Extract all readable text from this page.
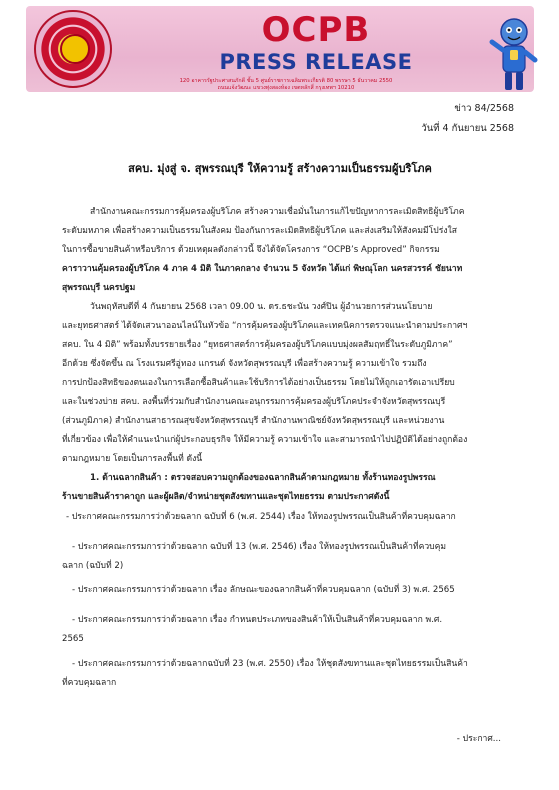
OCPB
PRESS RELEASE
120 อาคารรัฐประศาสนภักดี ชั้น 5 ศูนย์ราชการเฉลิมพระเกียรติ 80 พรรษา 5 ธันวาคม 2550
ถนนแจ้งวัฒนะ แขวงทุ่งสองห้อง เขตหลักสี่ กรุงเทพฯ 10210
ข่าว 84/2568
วันที่ 4 กันยายน 2568
สคบ. มุ่งสู่ จ. สุพรรณบุรี ให้ความรู้ สร้างความเป็นธรรมผู้บริโภค
สำนักงานคณะกรรมการคุ้มครองผู้บริโภค สร้างความเชื่อมั่นในการแก้ไขปัญหาการละเมิดสิทธิผู้บริโภค
ระดับมหภาค เพื่อสร้างความเป็นธรรมในสังคม ป้องกันการละเมิดสิทธิผู้บริโภค และส่งเสริมให้สังคมมีโปร่งใส
ในการซื้อขายสินค้าหรือบริการ ด้วยเหตุผลดังกล่าวนี้ จึงได้จัดโครงการ “OCPB’s Approved” กิจกรรม
คาราวานคุ้มครองผู้บริโภค 4 ภาค 4 มิติ ในภาคกลาง จำนวน 5 จังหวัด ได้แก่ พิษณุโลก นครสวรรค์ ชัยนาท
สุพรรณบุรี นครปฐม
วันพฤหัสบดีที่ 4 กันยายน 2568 เวลา 09.00 น. ดร.ธชะนัน วงศ์ปิน ผู้อำนวยการส่วนนโยบาย
และยุทธศาสตร์ ได้จัดเสวนาออนไลน์ในหัวข้อ “การคุ้มครองผู้บริโภคและเทคนิคการตรวจแนะนำตามประกาศฯ
สคบ. ใน 4 มิติ” พร้อมทั้งบรรยายเรื่อง “ยุทธศาสตร์การคุ้มครองผู้บริโภคแบบมุ่งผลสัมฤทธิ์ในระดับภูมิภาค”
อีกด้วย ซึ่งจัดขึ้น ณ โรงแรมศรีอู่ทอง แกรนด์ จังหวัดสุพรรณบุรี เพื่อสร้างความรู้ ความเข้าใจ รวมถึง
การปกป้องสิทธิของตนเองในการเลือกซื้อสินค้าและใช้บริการได้อย่างเป็นธรรม โดยไม่ให้ถูกเอารัดเอาเปรียบ
และในช่วงบ่าย สคบ. ลงพื้นที่ร่วมกับสำนักงานคณะอนุกรรมการคุ้มครองผู้บริโภคประจำจังหวัดสุพรรณบุรี
(ส่วนภูมิภาค) สำนักงานสาธารณสุขจังหวัดสุพรรณบุรี สำนักงานพาณิชย์จังหวัดสุพรรณบุรี และหน่วยงาน
ที่เกี่ยวข้อง เพื่อให้คำแนะนำแก่ผู้ประกอบธุรกิจ ให้มีความรู้ ความเข้าใจ และสามารถนำไปปฏิบัติได้อย่างถูกต้อง
ตามกฎหมาย โดยเป็นการลงพื้นที่ ดังนี้
1. ด้านฉลากสินค้า : ตรวจสอบความถูกต้องของฉลากสินค้าตามกฎหมาย ทั้งร้านทองรูปพรรณ
ร้านขายสินค้าราคาถูก และผู้ผลิต/จำหน่ายชุดสังฆทานและชุดไทยธรรม ตามประกาศดังนี้
- ประกาศคณะกรรมการว่าด้วยฉลาก ฉบับที่ 6 (พ.ศ. 2544) เรื่อง ให้ทองรูปพรรณเป็นสินค้าที่ควบคุมฉลาก
- ประกาศคณะกรรมการว่าด้วยฉลาก ฉบับที่ 13 (พ.ศ. 2546) เรื่อง ให้ทองรูปพรรณเป็นสินค้าที่ควบคุม
ฉลาก (ฉบับที่ 2)
- ประกาศคณะกรรมการว่าด้วยฉลาก เรื่อง ลักษณะของฉลากสินค้าที่ควบคุมฉลาก (ฉบับที่ 3) พ.ศ. 2565
- ประกาศคณะกรรมการว่าด้วยฉลาก เรื่อง กำหนดประเภทของสินค้าให้เป็นสินค้าที่ควบคุมฉลาก พ.ศ.
2565
- ประกาศคณะกรรมการว่าด้วยฉลากฉบับที่ 23 (พ.ศ. 2550) เรื่อง ให้ชุดสังฆทานและชุดไทยธรรมเป็นสินค้า
ที่ควบคุมฉลาก
- ประกาศ...
